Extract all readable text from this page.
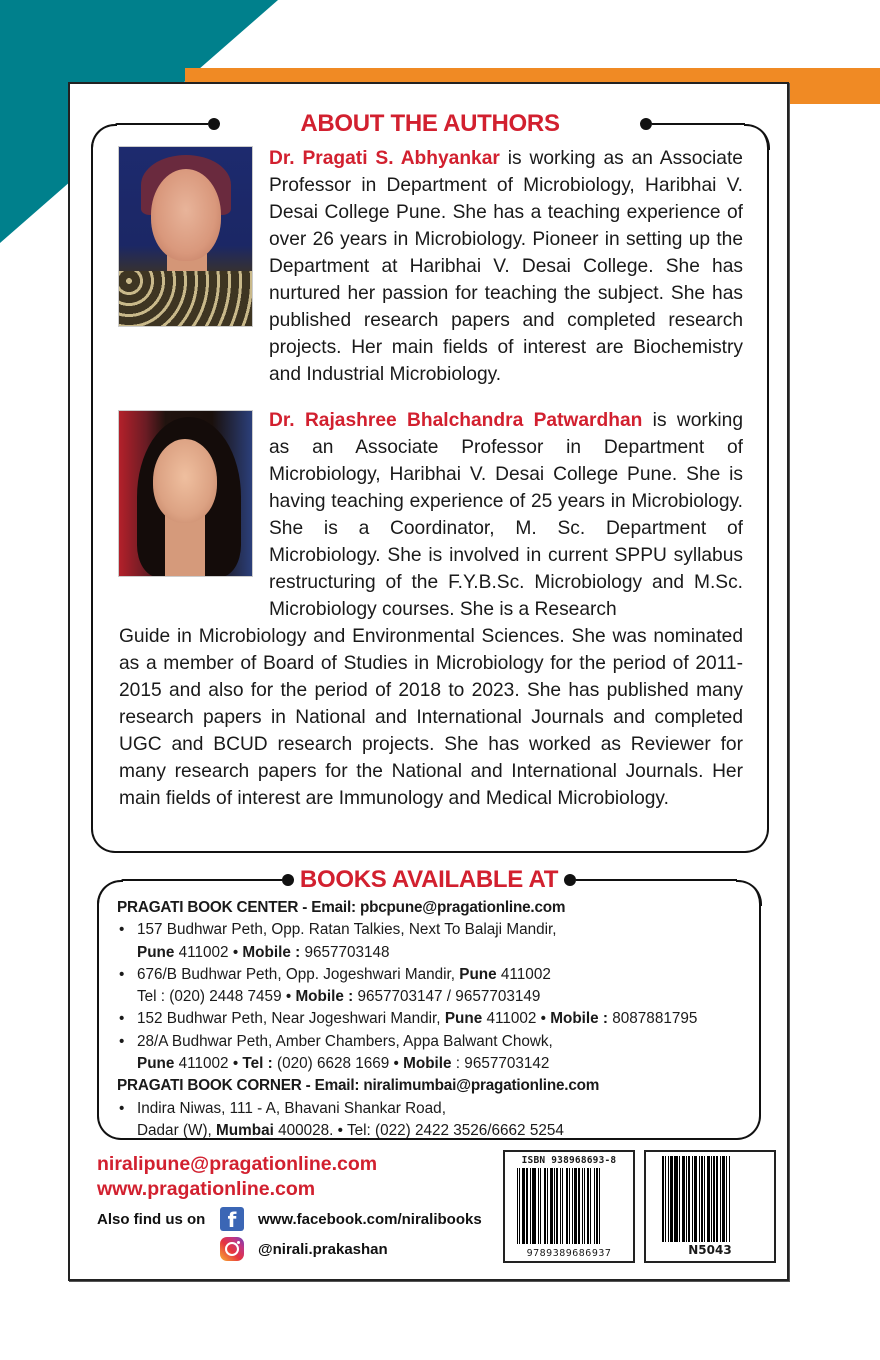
ABOUT THE AUTHORS

Dr. Pragati S. Abhyankar is working as an Associate Professor in Department of Microbiology, Haribhai V. Desai College Pune. She has a teaching experience of over 26 years in Microbiology. Pioneer in setting up the Department at Haribhai V. Desai College. She has nurtured her passion for teaching the subject. She has published research papers and completed research projects. Her main fields of interest are Biochemistry and Industrial Microbiology.

Dr. Rajashree Bhalchandra Patwardhan is working as an Associate Professor in Department of Microbiology, Haribhai V. Desai College Pune. She is having teaching experience of 25 years in Microbiology. She is a Coordinator, M. Sc. Department of Microbiology. She is involved in current SPPU syllabus restructuring of the F.Y.B.Sc. Microbiology and M.Sc. Microbiology courses. She is a Research

Guide in Microbiology and Environmental Sciences. She was nominated as a member of Board of Studies in Microbiology for the period of 2011-2015 and also for the period of 2018 to 2023. She has published many research papers in National and International Journals and completed UGC and BCUD research projects. She has worked as Reviewer for many research papers for the National and International Journals. Her main fields of interest are Immunology and Medical Microbiology.

BOOKS AVAILABLE AT
PRAGATI BOOK CENTER - Email: pbcpune@pragationline.com
• 157 Budhwar Peth, Opp. Ratan Talkies, Next To Balaji Mandir,
Pune 411002 • Mobile : 9657703148
• 676/B Budhwar Peth, Opp. Jogeshwari Mandir, Pune 411002
Tel : (020) 2448 7459 • Mobile : 9657703147 / 9657703149
• 152 Budhwar Peth, Near Jogeshwari Mandir, Pune 411002 • Mobile : 8087881795
• 28/A Budhwar Peth, Amber Chambers, Appa Balwant Chowk,
Pune 411002 • Tel : (020) 6628 1669 • Mobile : 9657703142
PRAGATI BOOK CORNER - Email: niralimumbai@pragationline.com
• Indira Niwas, 111 - A, Bhavani Shankar Road,
Dadar (W), Mumbai 400028. • Tel: (022) 2422 3526/6662 5254
niralipune@pragationline.com
www.pragationline.com
Also find us on	f	www.facebook.com/niralibooks
@nirali.prakashan
ISBN 938968693-8
9789389686937	N5043
